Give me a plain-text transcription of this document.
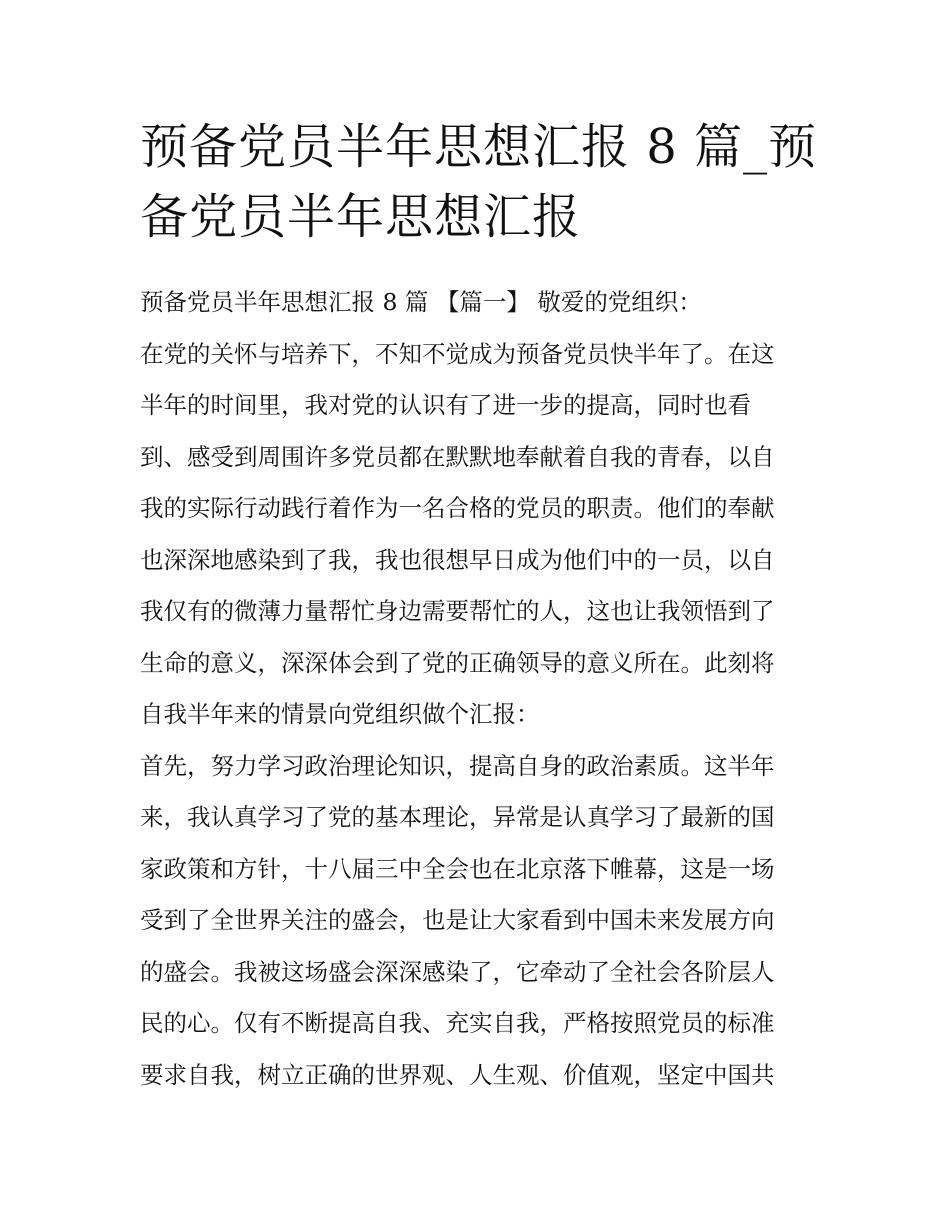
预备党员半年思想汇报 8 篇_预
备党员半年思想汇报
预备党员半年思想汇报 8 篇 【篇一】 敬爱的党组织：
在党的关怀与培养下，不知不觉成为预备党员快半年了。在这
半年的时间里，我对党的认识有了进一步的提高，同时也看
到、感受到周围许多党员都在默默地奉献着自我的青春，以自
我的实际行动践行着作为一名合格的党员的职责。他们的奉献
也深深地感染到了我，我也很想早日成为他们中的一员，以自
我仅有的微薄力量帮忙身边需要帮忙的人，这也让我领悟到了
生命的意义，深深体会到了党的正确领导的意义所在。此刻将
自我半年来的情景向党组织做个汇报：
首先，努力学习政治理论知识，提高自身的政治素质。这半年
来，我认真学习了党的基本理论，异常是认真学习了最新的国
家政策和方针，十八届三中全会也在北京落下帷幕，这是一场
受到了全世界关注的盛会，也是让大家看到中国未来发展方向
的盛会。我被这场盛会深深感染了，它牵动了全社会各阶层人
民的心。仅有不断提高自我、充实自我，严格按照党员的标准
要求自我，树立正确的世界观、人生观、价值观，坚定中国共
